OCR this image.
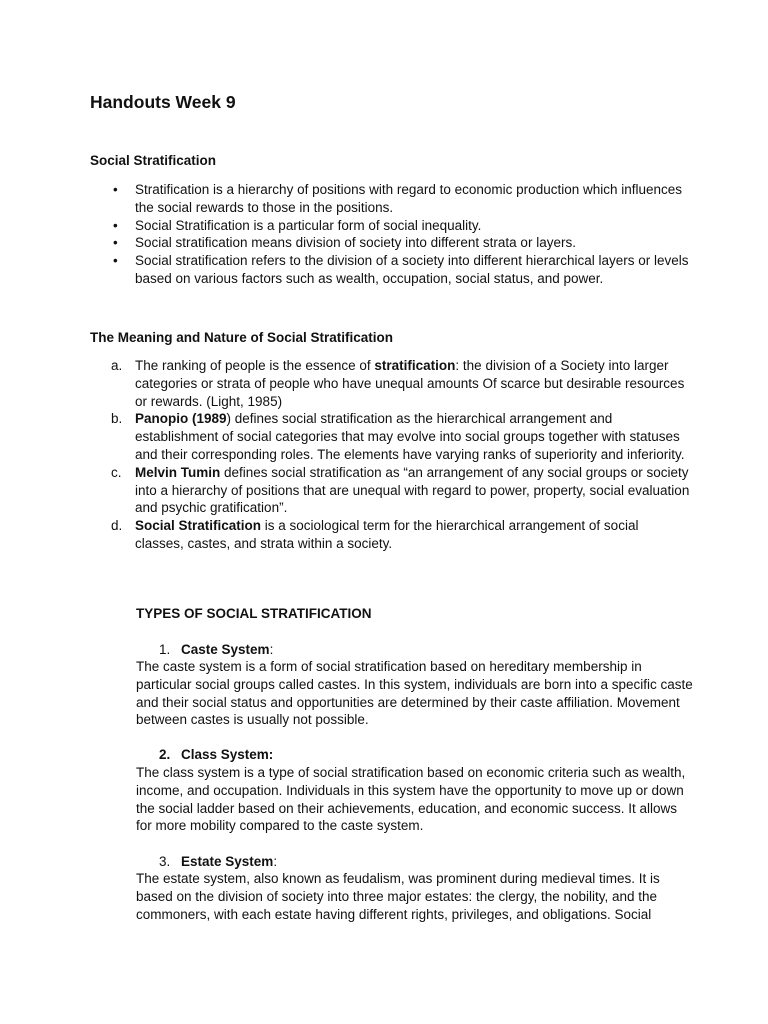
Handouts Week 9
Social Stratification
• Stratification is a hierarchy of positions with regard to economic production which influences the social rewards to those in the positions.
• Social Stratification is a particular form of social inequality.
• Social stratification means division of society into different strata or layers.
• Social stratification refers to the division of a society into different hierarchical layers or levels based on various factors such as wealth, occupation, social status, and power.
The Meaning and Nature of Social Stratification
a. The ranking of people is the essence of stratification: the division of a Society into larger categories or strata of people who have unequal amounts Of scarce but desirable resources or rewards. (Light, 1985)
b. Panopio (1989) defines social stratification as the hierarchical arrangement and establishment of social categories that may evolve into social groups together with statuses and their corresponding roles. The elements have varying ranks of superiority and inferiority.
c. Melvin Tumin defines social stratification as “an arrangement of any social groups or society into a hierarchy of positions that are unequal with regard to power, property, social evaluation and psychic gratification”.
d. Social Stratification is a sociological term for the hierarchical arrangement of social classes, castes, and strata within a society.
TYPES OF SOCIAL STRATIFICATION

1. Caste System:

The caste system is a form of social stratification based on hereditary membership in particular social groups called castes. In this system, individuals are born into a specific caste and their social status and opportunities are determined by their caste affiliation. Movement between castes is usually not possible.

2. Class System:

The class system is a type of social stratification based on economic criteria such as wealth, income, and occupation. Individuals in this system have the opportunity to move up or down the social ladder based on their achievements, education, and economic success. It allows for more mobility compared to the caste system.

3. Estate System:

The estate system, also known as feudalism, was prominent during medieval times. It is based on the division of society into three major estates: the clergy, the nobility, and the commoners, with each estate having different rights, privileges, and obligations. Social
